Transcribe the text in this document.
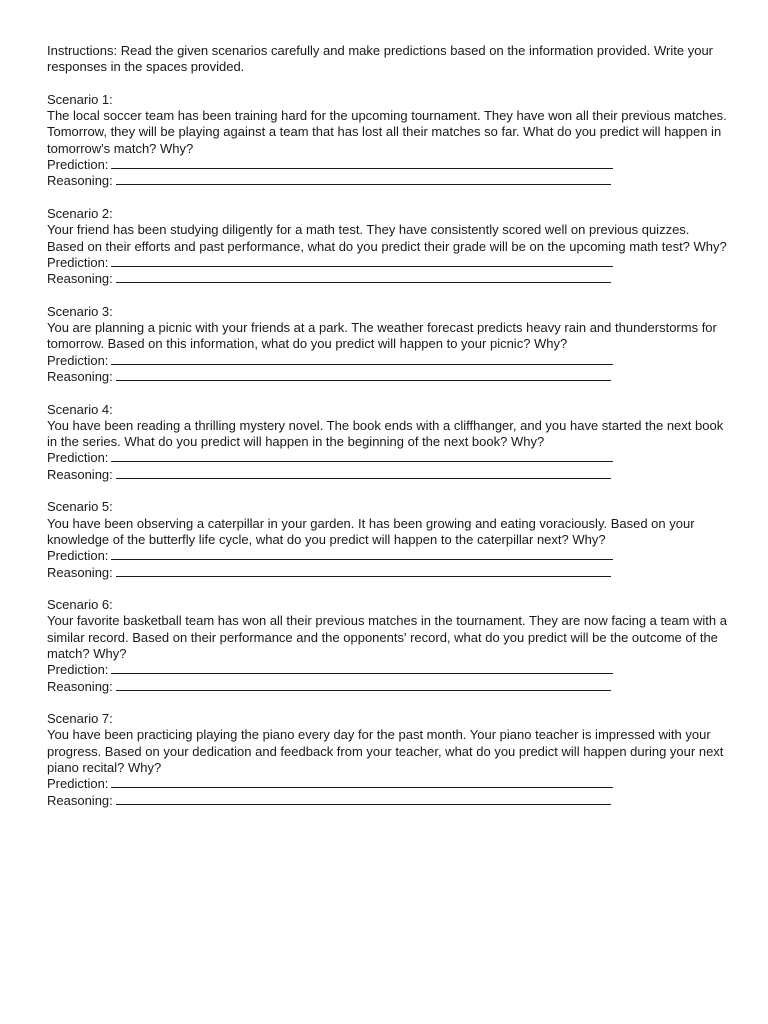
Instructions: Read the given scenarios carefully and make predictions based on the information provided. Write your responses in the spaces provided.

Scenario 1:

The local soccer team has been training hard for the upcoming tournament. They have won all their previous matches. Tomorrow, they will be playing against a team that has lost all their matches so far. What do you predict will happen in tomorrow's match? Why?

Prediction:
Reasoning:

Scenario 2:

Your friend has been studying diligently for a math test. They have consistently scored well on previous quizzes. Based on their efforts and past performance, what do you predict their grade will be on the upcoming math test? Why?

Prediction:
Reasoning:

Scenario 3:

You are planning a picnic with your friends at a park. The weather forecast predicts heavy rain and thunderstorms for tomorrow. Based on this information, what do you predict will happen to your picnic? Why?

Prediction:
Reasoning:

Scenario 4:

You have been reading a thrilling mystery novel. The book ends with a cliffhanger, and you have started the next book in the series. What do you predict will happen in the beginning of the next book? Why?

Prediction:
Reasoning:

Scenario 5:

You have been observing a caterpillar in your garden. It has been growing and eating voraciously. Based on your knowledge of the butterfly life cycle, what do you predict will happen to the caterpillar next? Why?

Prediction:
Reasoning:

Scenario 6:

Your favorite basketball team has won all their previous matches in the tournament. They are now facing a team with a similar record. Based on their performance and the opponents' record, what do you predict will be the outcome of the match? Why?

Prediction:
Reasoning:

Scenario 7:

You have been practicing playing the piano every day for the past month. Your piano teacher is impressed with your progress. Based on your dedication and feedback from your teacher, what do you predict will happen during your next piano recital? Why?

Prediction:
Reasoning:
